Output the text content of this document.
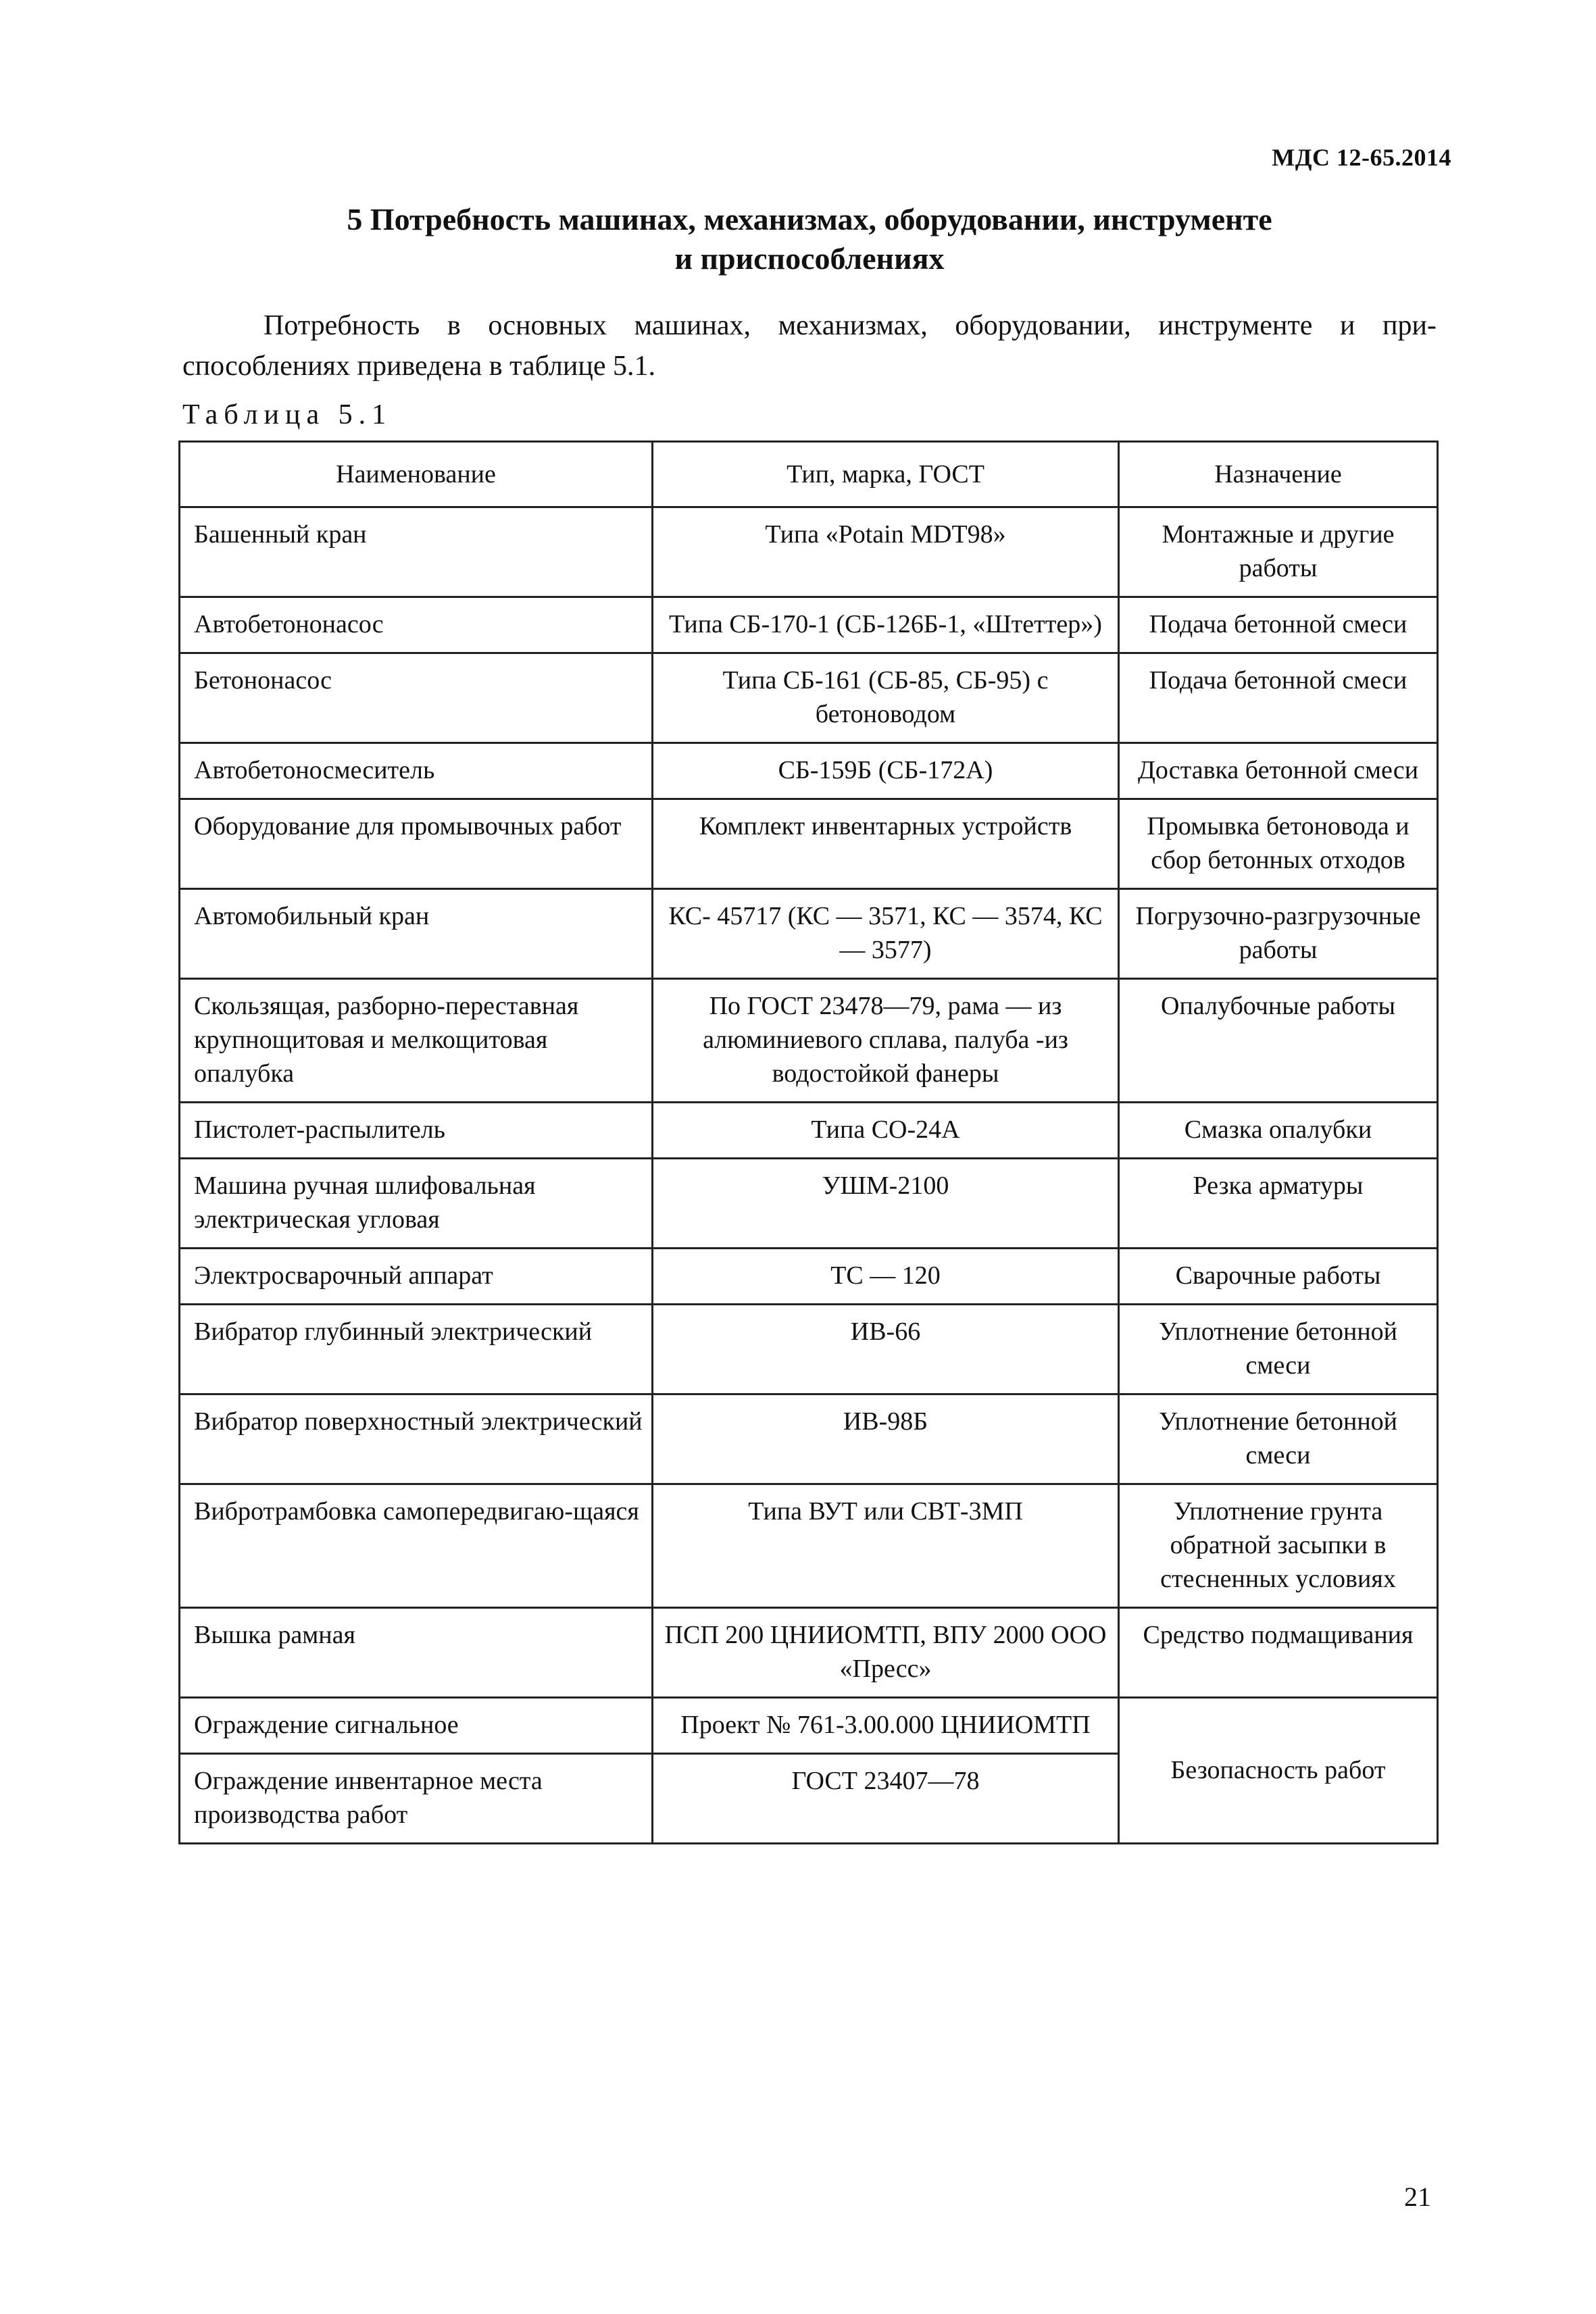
МДС 12-65.2014
5 Потребность машинах, механизмах, оборудовании, инструменте
и приспособлениях

Потребность в основных машинах, механизмах, оборудовании, инструменте и при-способлениях приведена в таблице 5.1.

Таблица 5.1
Наименование	Тип, марка, ГОСТ	Назначение
Башенный кран	Типа «Potain MDT98»	Монтажные и другие работы
Автобетононасос	Типа СБ-170-1 (СБ-126Б-1, «Штеттер»)	Подача бетонной смеси
Бетононасос	Типа СБ-161 (СБ-85, СБ-95) с бетоноводом	Подача бетонной смеси
Автобетоносмеситель	СБ-159Б (СБ-172А)	Доставка бетонной смеси
Оборудование для промывочных работ	Комплект инвентарных устройств	Промывка бетоновода и сбор бетонных отходов
Автомобильный кран	КС- 45717 (КС — 3571, КС — 3574, КС — 3577)	Погрузочно-разгрузочные работы
Скользящая, разборно-переставная крупнощитовая и мелкощитовая опалубка	По ГОСТ 23478—79, рама — из алюминиевого сплава, палуба -из водостойкой фанеры	Опалубочные работы
Пистолет-распылитель	Типа СО-24А	Смазка опалубки
Машина ручная шлифовальная электрическая угловая	УШМ-2100	Резка арматуры
Электросварочный аппарат	ТС — 120	Сварочные работы
Вибратор глубинный электрический	ИВ-66	Уплотнение бетонной смеси
Вибратор поверхностный электрический	ИВ-98Б	Уплотнение бетонной смеси
Вибротрамбовка самопередвигаю-щаяся	Типа ВУТ или СВТ-3МП	Уплотнение грунта обратной засыпки в стесненных условиях
Вышка рамная	ПСП 200 ЦНИИОМТП, ВПУ 2000 ООО «Пресс»	Средство подмащивания
Ограждение сигнальное	Проект № 761-3.00.000 ЦНИИОМТП	Безопасность работ
Ограждение инвентарное места производства работ	ГОСТ 23407—78	
21
